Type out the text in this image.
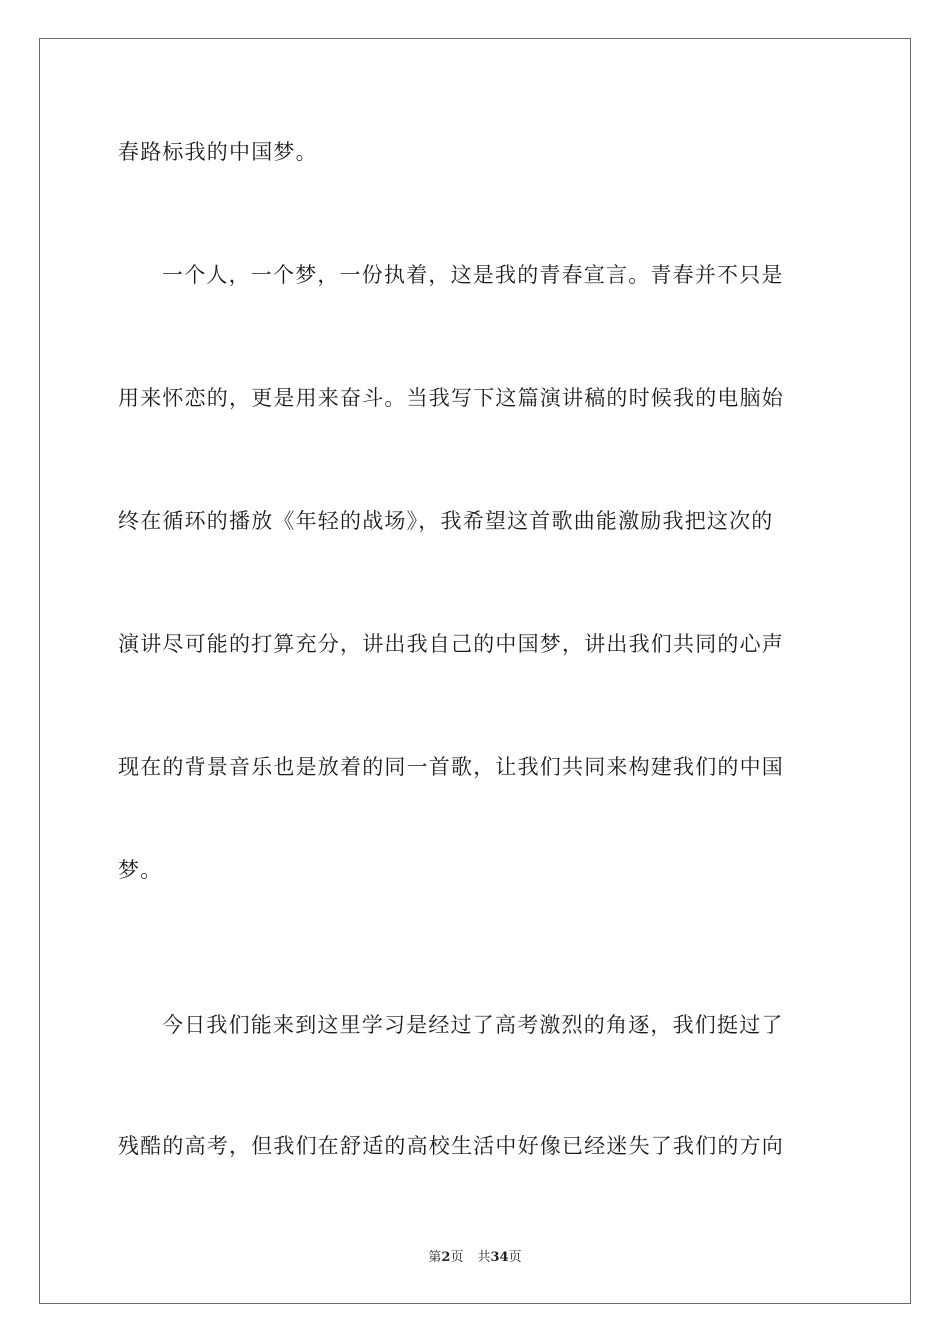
春路标我的中国梦。
一个人，一个梦，一份执着，这是我的青春宣言。青春并不只是
用来怀恋的，更是用来奋斗。当我写下这篇演讲稿的时候我的电脑始
终在循环的播放《年轻的战场》，我希望这首歌曲能激励我把这次的
演讲尽可能的打算充分，讲出我自己的中国梦，讲出我们共同的心声
现在的背景音乐也是放着的同一首歌，让我们共同来构建我们的中国
梦。
今日我们能来到这里学习是经过了高考激烈的角逐，我们挺过了
残酷的高考，但我们在舒适的高校生活中好像已经迷失了我们的方向
第2页 共34页
